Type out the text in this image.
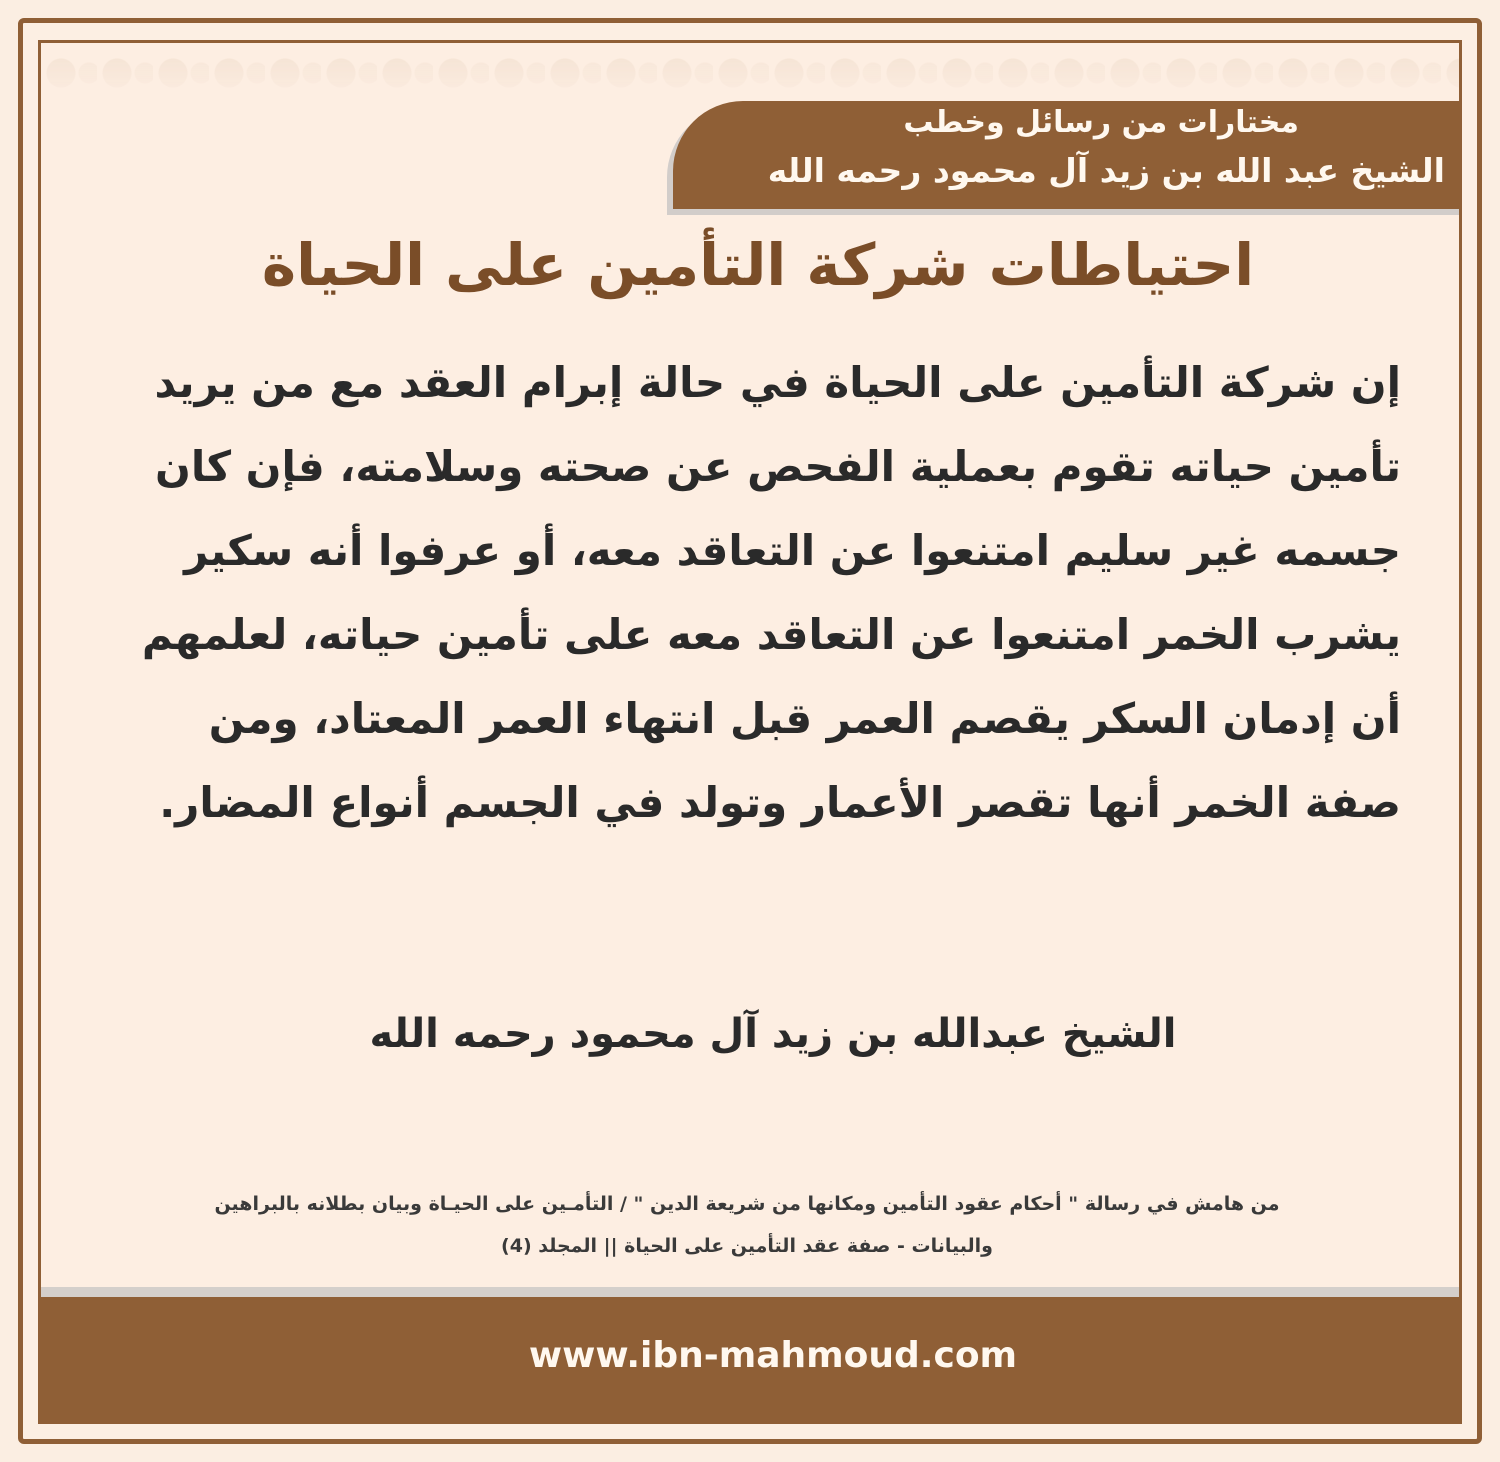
مختارات من رسائل وخطب
الشيخ عبد الله بن زيد آل محمود رحمه الله
احتياطات شركة التأمين على الحياة
إن شركة التأمين على الحياة في حالة إبرام العقد مع من يريد تأمين حياته تقوم بعملية الفحص عن صحته وسلامته، فإن كان جسمه غير سليم امتنعوا عن التعاقد معه، أو عرفوا أنه سكير يشرب الخمر امتنعوا عن التعاقد معه على تأمين حياته، لعلمهم أن إدمان السكر يقصم العمر قبل انتهاء العمر المعتاد، ومن صفة الخمر أنها تقصر الأعمار وتولد في الجسم أنواع المضار.
الشيخ عبدالله بن زيد آل محمود رحمه الله
من هامش في رسالة " أحكام عقود التأمين ومكانها من شريعة الدين " / التأمـين على الحيـاة وبيان بطلانه بالبراهين
والبيانات - صفة عقد التأمين على الحياة || المجلد (4)
www.ibn-mahmoud.com
